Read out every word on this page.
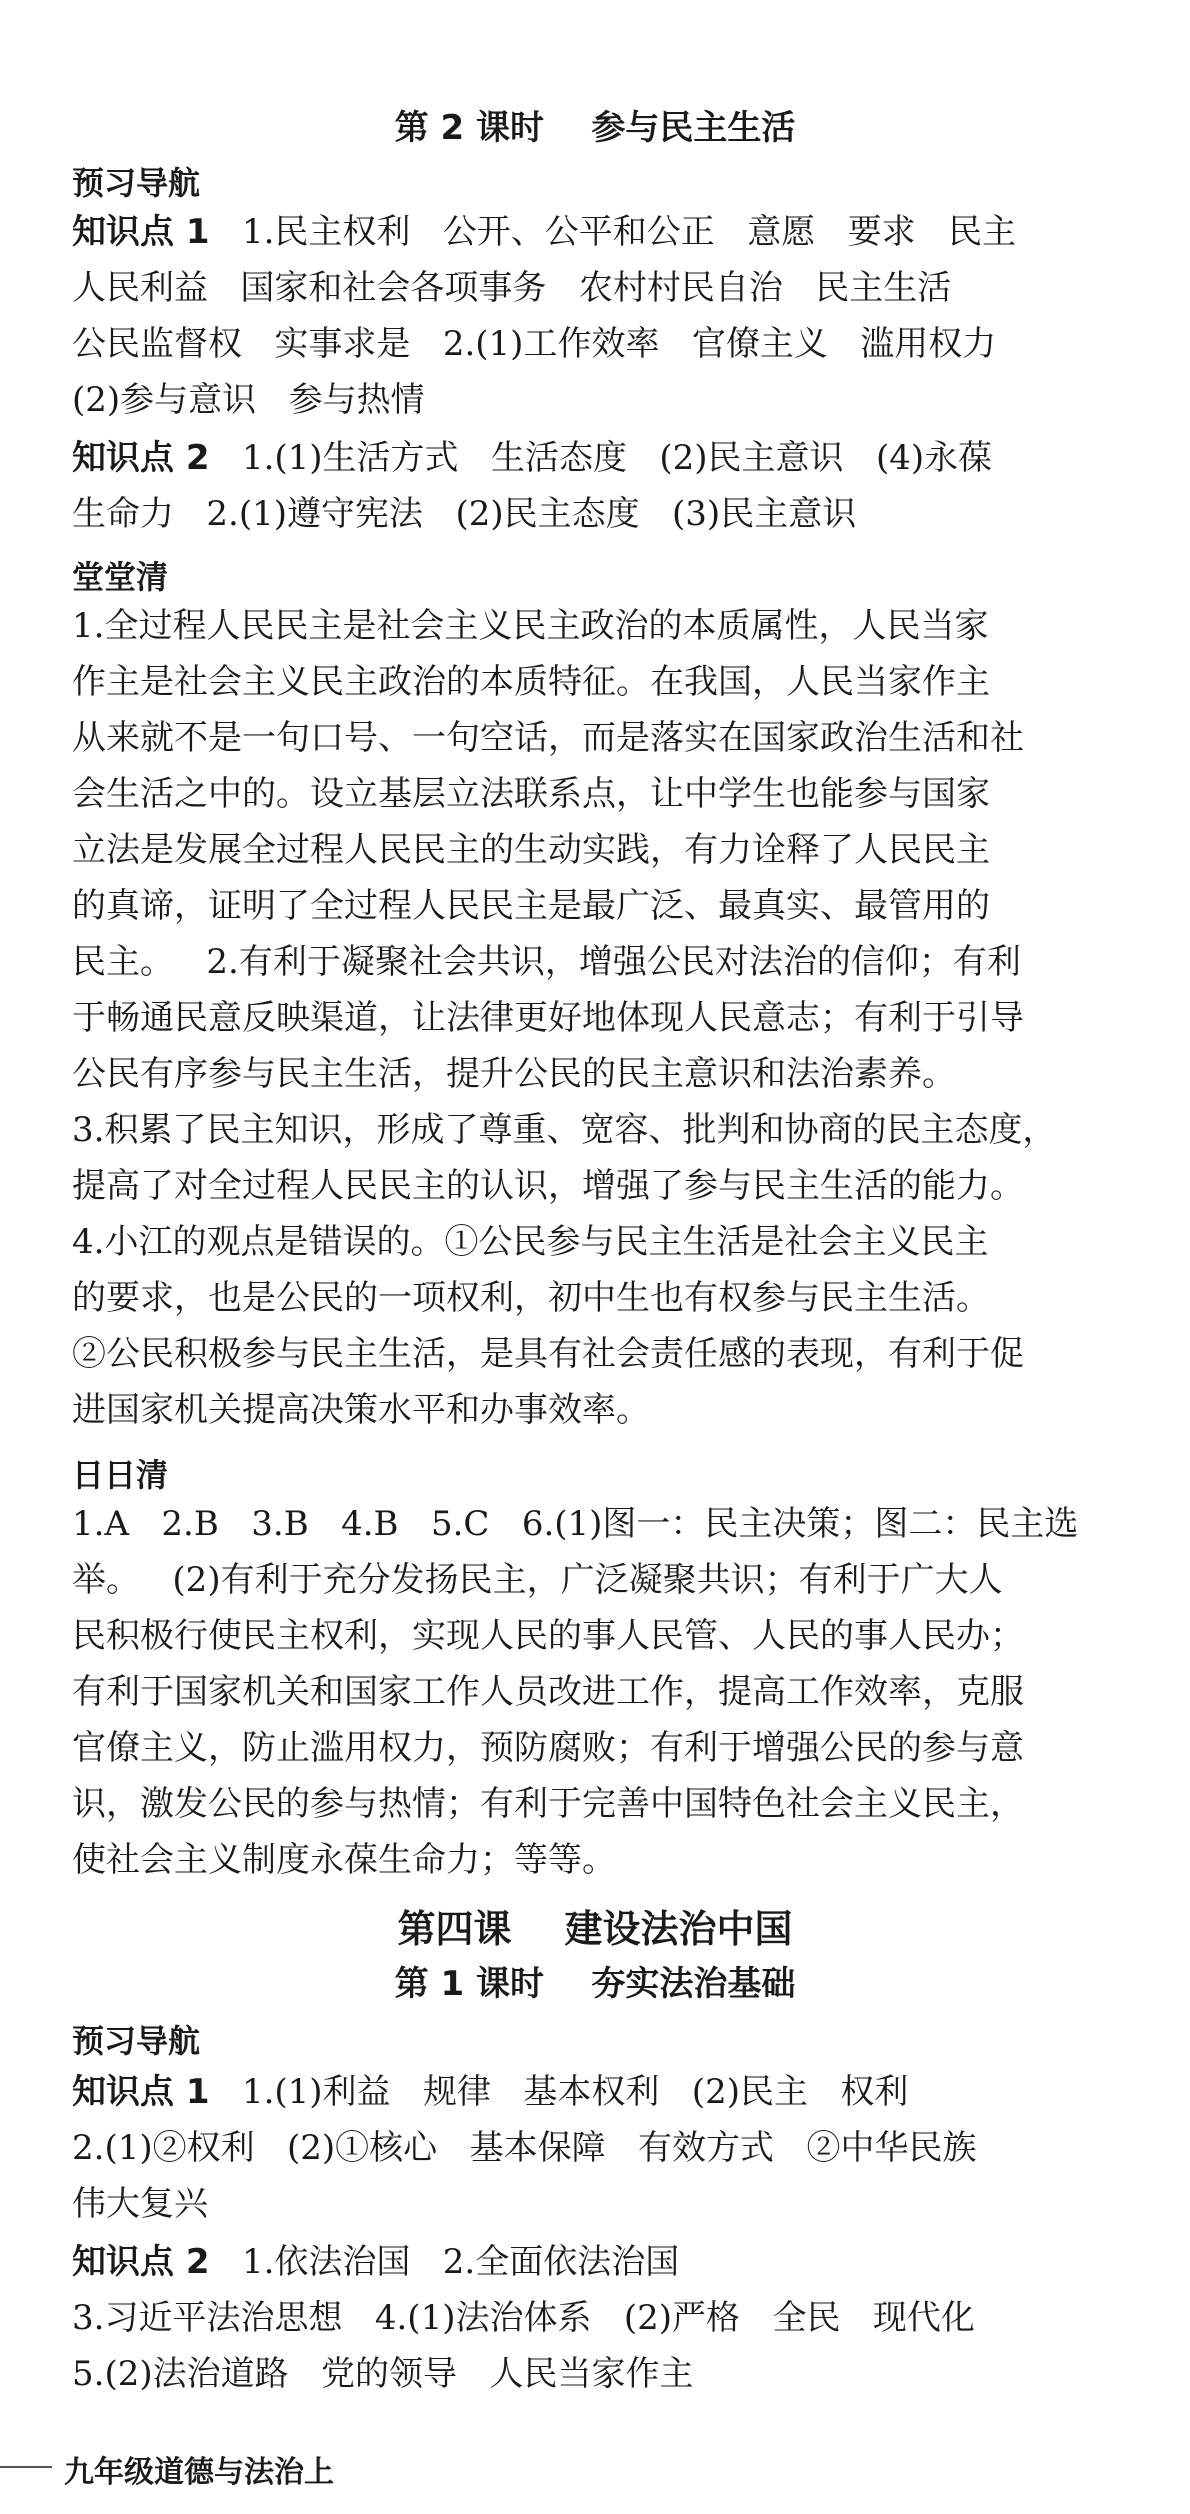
第 2 课时    参与民主生活
预习导航
知识点 1 1.民主权利   公开、公平和公正   意愿   要求   民主
人民利益   国家和社会各项事务   农村村民自治   民主生活
公民监督权   实事求是   2.(1)工作效率   官僚主义   滥用权力
(2)参与意识   参与热情
知识点 2 1.(1)生活方式   生活态度   (2)民主意识   (4)永葆
生命力   2.(1)遵守宪法   (2)民主态度   (3)民主意识
堂堂清
1.全过程人民民主是社会主义民主政治的本质属性，人民当家
作主是社会主义民主政治的本质特征。在我国，人民当家作主
从来就不是一句口号、一句空话，而是落实在国家政治生活和社
会生活之中的。设立基层立法联系点，让中学生也能参与国家
立法是发展全过程人民民主的生动实践，有力诠释了人民民主
的真谛，证明了全过程人民民主是最广泛、最真实、最管用的
民主。   2.有利于凝聚社会共识，增强公民对法治的信仰；有利
于畅通民意反映渠道，让法律更好地体现人民意志；有利于引导
公民有序参与民主生活，提升公民的民主意识和法治素养。
3.积累了民主知识，形成了尊重、宽容、批判和协商的民主态度，
提高了对全过程人民民主的认识，增强了参与民主生活的能力。
4.小江的观点是错误的。①公民参与民主生活是社会主义民主
的要求，也是公民的一项权利，初中生也有权参与民主生活。
②公民积极参与民主生活，是具有社会责任感的表现，有利于促
进国家机关提高决策水平和办事效率。
日日清
1.A   2.B   3.B   4.B   5.C   6.(1)图一：民主决策；图二：民主选
举。   (2)有利于充分发扬民主，广泛凝聚共识；有利于广大人
民积极行使民主权利，实现人民的事人民管、人民的事人民办；
有利于国家机关和国家工作人员改进工作，提高工作效率，克服
官僚主义，防止滥用权力，预防腐败；有利于增强公民的参与意
识，激发公民的参与热情；有利于完善中国特色社会主义民主，
使社会主义制度永葆生命力；等等。
第四课    建设法治中国
第 1 课时    夯实法治基础
预习导航
知识点 1 1.(1)利益   规律   基本权利   (2)民主   权利
2.(1)②权利   (2)①核心   基本保障   有效方式   ②中华民族
伟大复兴
知识点 2 1.依法治国   2.全面依法治国
3.习近平法治思想   4.(1)法治体系   (2)严格   全民   现代化
5.(2)法治道路   党的领导   人民当家作主
九年级道德与法治上
